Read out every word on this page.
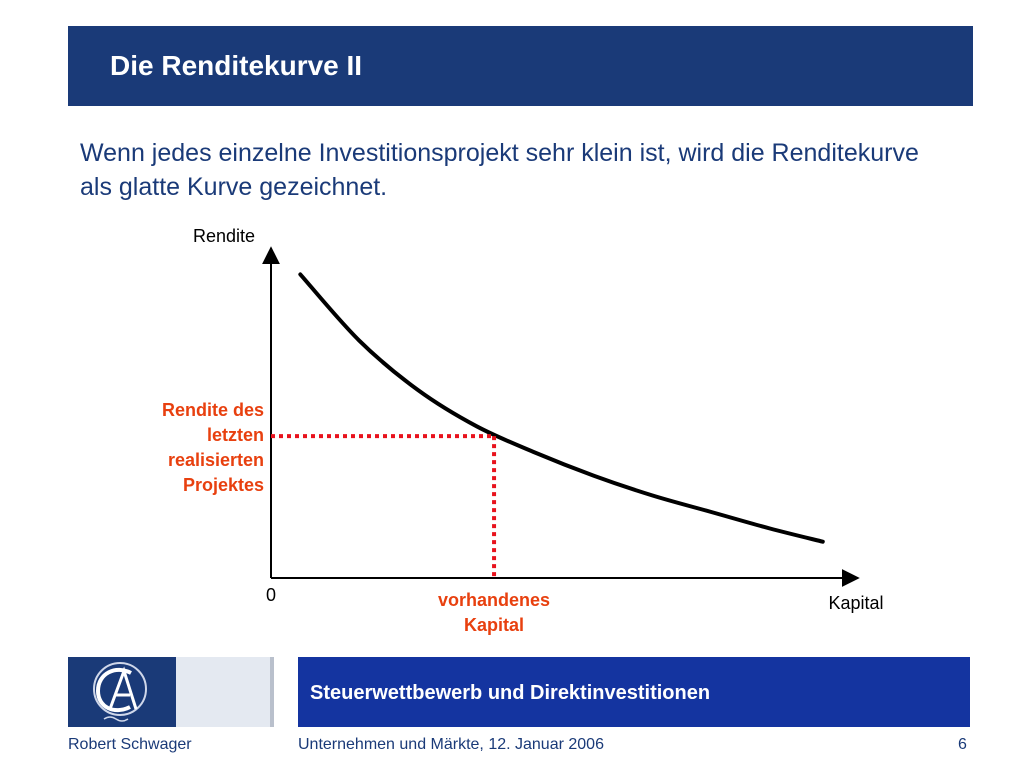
Die Renditekurve II
Wenn jedes einzelne Investitionsprojekt sehr klein ist, wird die Renditekurve als glatte Kurve gezeichnet.
Rendite
Kapital
0
Rendite des
letzten
realisierten
Projektes
vorhandenes
Kapital
Steuerwettbewerb und Direktinvestitionen
Robert Schwager	Unternehmen und Märkte, 12. Januar 2006	6
